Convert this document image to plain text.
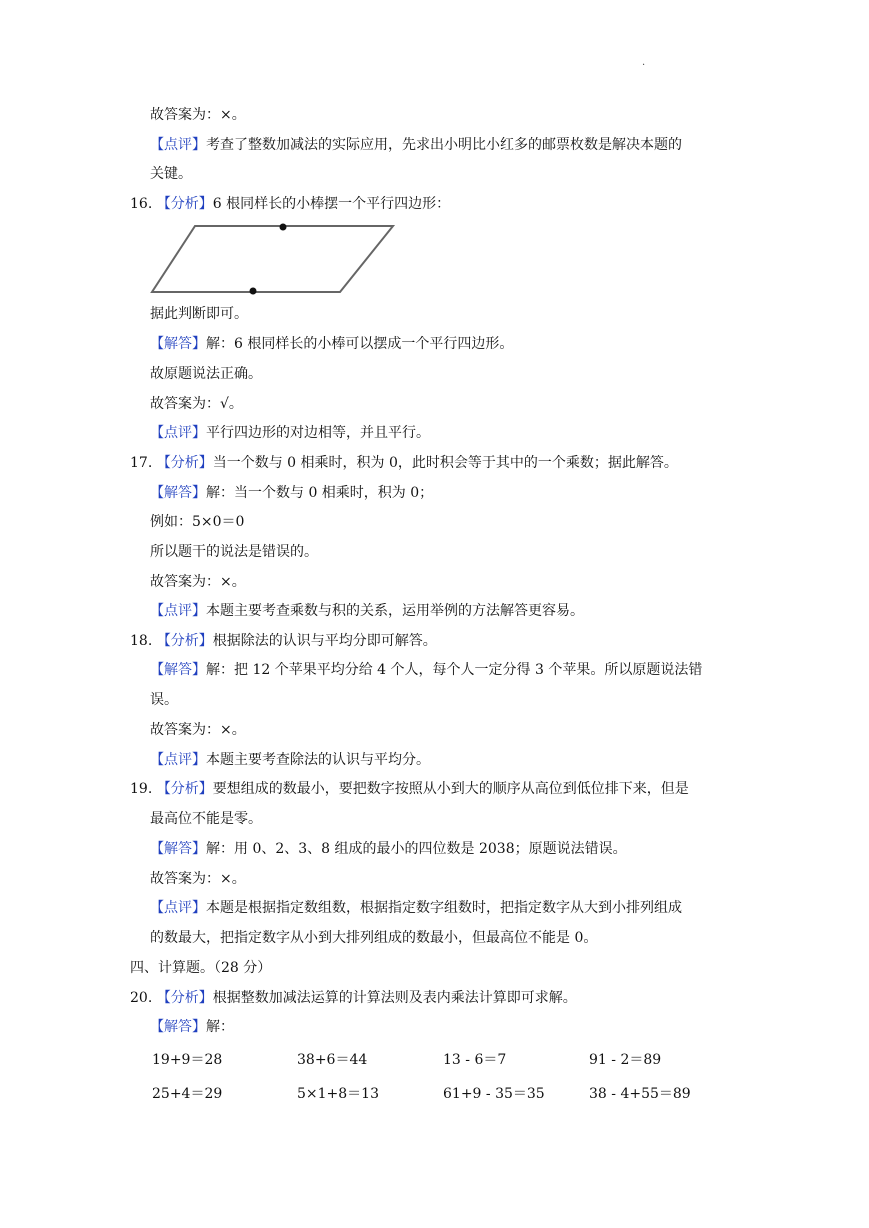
.
故答案为：×。
【点评】考查了整数加减法的实际应用，先求出小明比小红多的邮票枚数是解决本题的
关键。
16. 【分析】6 根同样长的小棒摆一个平行四边形：
据此判断即可。
【解答】解：6 根同样长的小棒可以摆成一个平行四边形。
故原题说法正确。
故答案为：√。
【点评】平行四边形的对边相等，并且平行。
17. 【分析】当一个数与 0 相乘时，积为 0，此时积会等于其中的一个乘数；据此解答。
【解答】解：当一个数与 0 相乘时，积为 0；
例如：5×0＝0
所以题干的说法是错误的。
故答案为：×。
【点评】本题主要考查乘数与积的关系，运用举例的方法解答更容易。
18. 【分析】根据除法的认识与平均分即可解答。
【解答】解：把 12 个苹果平均分给 4 个人，每个人一定分得 3 个苹果。所以原题说法错
误。
故答案为：×。
【点评】本题主要考查除法的认识与平均分。
19. 【分析】要想组成的数最小，要把数字按照从小到大的顺序从高位到低位排下来，但是
最高位不能是零。
【解答】解：用 0、2、3、8 组成的最小的四位数是 2038；原题说法错误。
故答案为：×。
【点评】本题是根据指定数组数，根据指定数字组数时，把指定数字从大到小排列组成
的数最大，把指定数字从小到大排列组成的数最小，但最高位不能是 0。
四、计算题。（28 分）
20. 【分析】根据整数加减法运算的计算法则及表内乘法计算即可求解。
【解答】解：
19+9＝28	38+6＝44	13 - 6＝7	91 - 2＝89
25+4＝29	5×1+8＝13	61+9 - 35＝35	38 - 4+55＝89
